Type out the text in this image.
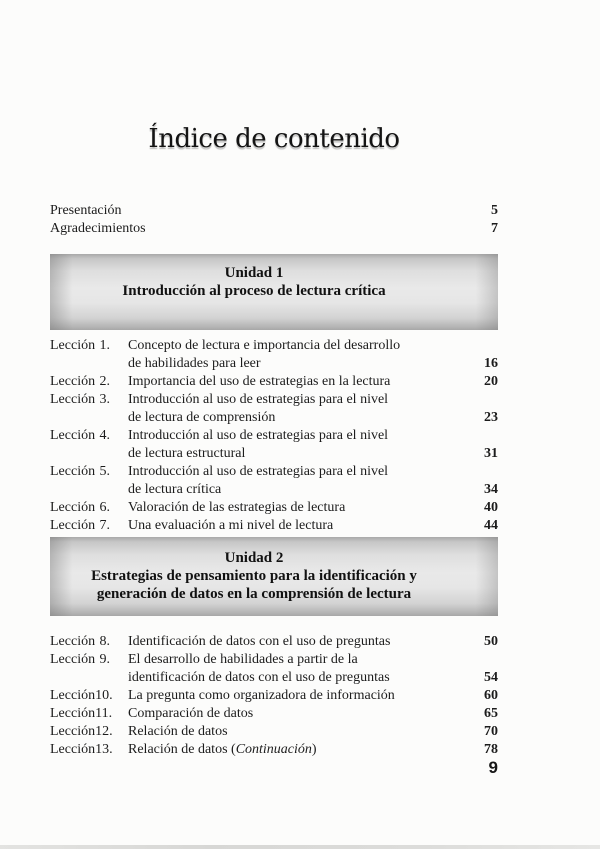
Índice de contenido
Presentación	5
Agradecimientos	7
Unidad 1
Introducción al proceso de lectura crítica
Lección 1.	Concepto de lectura e importancia del desarrollo
de habilidades para leer	16
Lección 2.	Importancia del uso de estrategias en la lectura	20
Lección 3.	Introducción al uso de estrategias para el nivel
de lectura de comprensión	23
Lección 4.	Introducción al uso de estrategias para el nivel
de lectura estructural	31
Lección 5.	Introducción al uso de estrategias para el nivel
de lectura crítica	34
Lección 6.	Valoración de las estrategias de lectura	40
Lección 7.	Una evaluación a mi nivel de lectura	44
Unidad 2
Estrategias de pensamiento para la identificación y
generación de datos en la comprensión de lectura
Lección 8.	Identificación de datos con el uso de preguntas	50
Lección 9.	El desarrollo de habilidades a partir de la
identificación de datos con el uso de preguntas	54
Lección 10.	La pregunta como organizadora de información	60
Lección 11.	Comparación de datos	65
Lección 12.	Relación de datos	70
Lección 13.	Relación de datos (Continuación)	78
9
